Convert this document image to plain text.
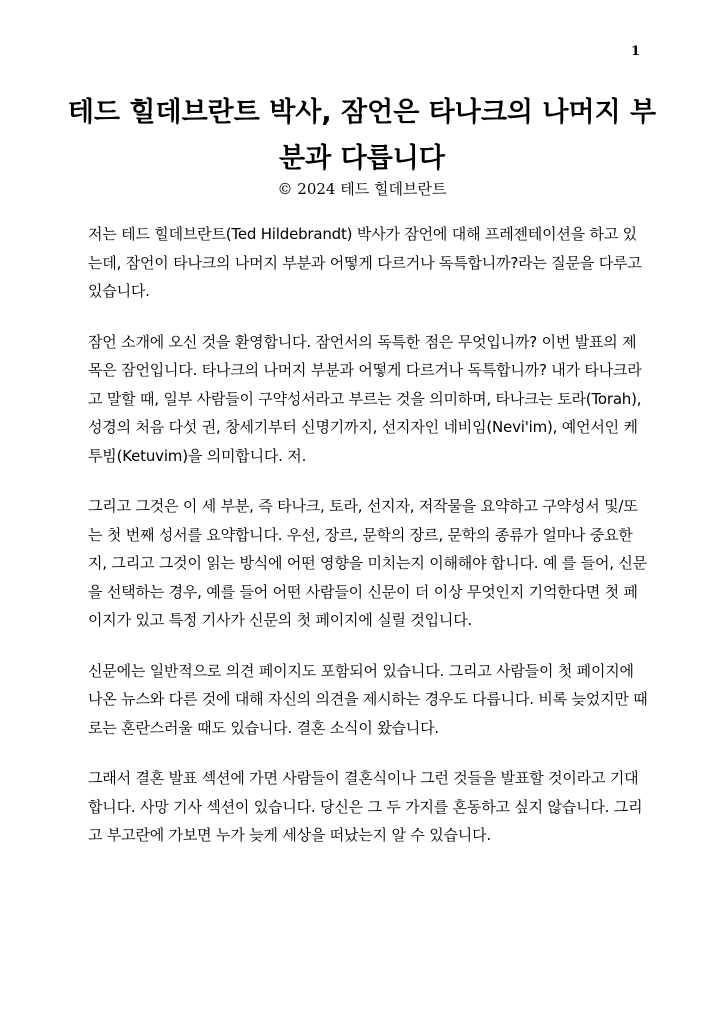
1
테드 힐데브란트 박사, 잠언은 타나크의 나머지 부분과 다릅니다
© 2024 테드 힐데브란트

저는 테드 힐데브란트(Ted Hildebrandt) 박사가 잠언에 대해 프레젠테이션을 하고 있는데, 잠언이 타나크의 나머지 부분과 어떻게 다르거나 독특합니까?라는 질문을 다루고 있습니다.

잠언 소개에 오신 것을 환영합니다. 잠언서의 독특한 점은 무엇입니까? 이번 발표의 제목은 잠언입니다. 타나크의 나머지 부분과 어떻게 다르거나 독특합니까? 내가 타나크라고 말할 때, 일부 사람들이 구약성서라고 부르는 것을 의미하며, 타나크는 토라(Torah), 성경의 처음 다섯 권, 창세기부터 신명기까지, 선지자인 네비임(Nevi'im), 예언서인 케투빔(Ketuvim)을 의미합니다. 저.

그리고 그것은 이 세 부분, 즉 타나크, 토라, 선지자, 저작물을 요약하고 구약성서 및/또는 첫 번째 성서를 요약합니다. 우선, 장르, 문학의 장르, 문학의 종류가 얼마나 중요한지, 그리고 그것이 읽는 방식에 어떤 영향을 미치는지 이해해야 합니다. 예 를 들어, 신문을 선택하는 경우, 예를 들어 어떤 사람들이 신문이 더 이상 무엇인지 기억한다면 첫 페이지가 있고 특정 기사가 신문의 첫 페이지에 실릴 것입니다.

신문에는 일반적으로 의견 페이지도 포함되어 있습니다. 그리고 사람들이 첫 페이지에 나온 뉴스와 다른 것에 대해 자신의 의견을 제시하는 경우도 다릅니다. 비록 늦었지만 때로는 혼란스러울 때도 있습니다. 결혼 소식이 왔습니다.

그래서 결혼 발표 섹션에 가면 사람들이 결혼식이나 그런 것들을 발표할 것이라고 기대합니다. 사망 기사 섹션이 있습니다. 당신은 그 두 가지를 혼동하고 싶지 않습니다. 그리고 부고란에 가보면 누가 늦게 세상을 떠났는지 알 수 있습니다.
